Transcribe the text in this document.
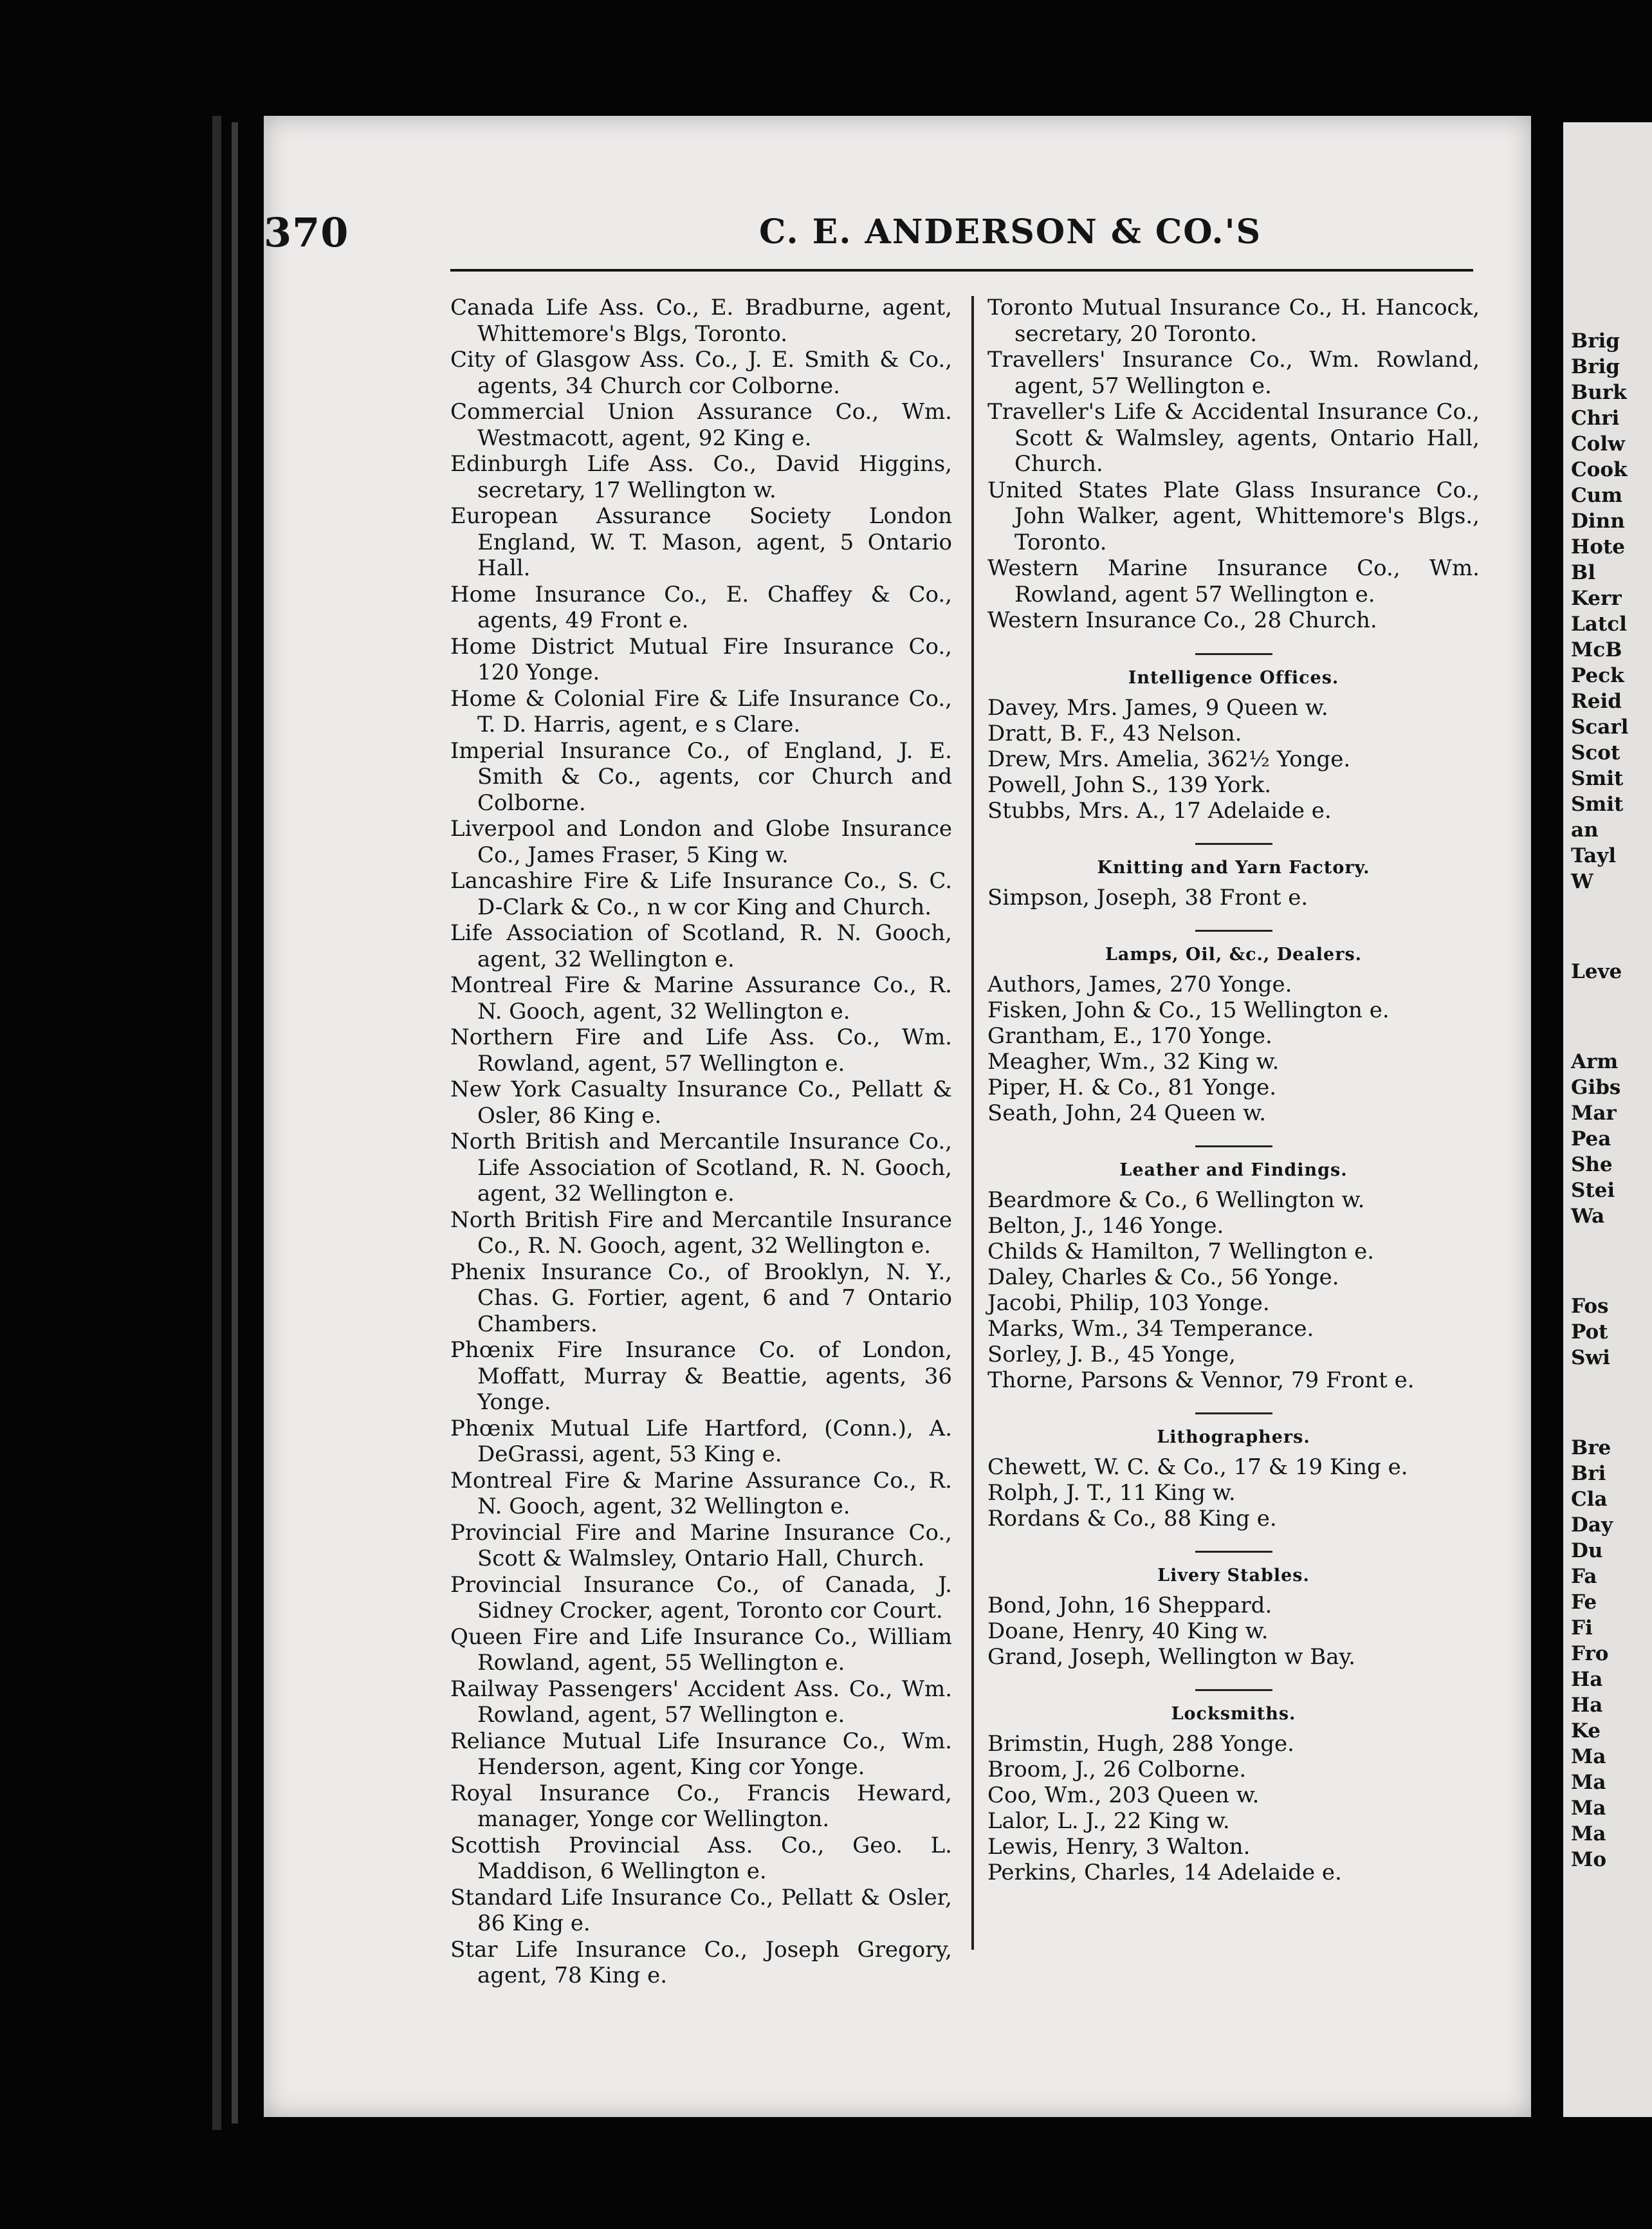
Brig
Brig
Burk
Chri
Colw
Cook
Cum
Dinn
Hote
Bl
Kerr
Latcl
McB
Peck
Reid
Scarl
Scot
Smit
Smit
an
Tayl
W
Leve
Arm
Gibs
Mar
Pea
She
Stei
Wa
Fos
Pot
Swi
Bre
Bri
Cla
Day
Du
Fa
Fe
Fi
Fro
Ha
Ha
Ke
Ma
Ma
Ma
Ma
Mo
370	C. E. ANDERSON & CO.'S

Canada Life Ass. Co., E. Bradburne, agent, Whittemore's Blgs, Toronto.

City of Glasgow Ass. Co., J. E. Smith & Co., agents, 34 Church cor Colborne.

Commercial Union Assurance Co., Wm. Westmacott, agent, 92 King e.

Edinburgh Life Ass. Co., David Higgins, secretary, 17 Wellington w.

European Assurance Society London England, W. T. Mason, agent, 5 Ontario Hall.

Home Insurance Co., E. Chaffey & Co., agents, 49 Front e.

Home District Mutual Fire Insurance Co., 120 Yonge.

Home & Colonial Fire & Life Insurance Co., T. D. Harris, agent, e s Clare.

Imperial Insurance Co., of England, J. E. Smith & Co., agents, cor Church and Colborne.

Liverpool and London and Globe Insurance Co., James Fraser, 5 King w.

Lancashire Fire & Life Insurance Co., S. C. D-Clark & Co., n w cor King and Church.

Life Association of Scotland, R. N. Gooch, agent, 32 Wellington e.

Montreal Fire & Marine Assurance Co., R. N. Gooch, agent, 32 Wellington e.

Northern Fire and Life Ass. Co., Wm. Rowland, agent, 57 Wellington e.

New York Casualty Insurance Co., Pellatt & Osler, 86 King e.

North British and Mercantile Insurance Co., Life Association of Scotland, R. N. Gooch, agent, 32 Wellington e.

North British Fire and Mercantile Insurance Co., R. N. Gooch, agent, 32 Wellington e.

Phenix Insurance Co., of Brooklyn, N. Y., Chas. G. Fortier, agent, 6 and 7 Ontario Chambers.

Phœnix Fire Insurance Co. of London, Moffatt, Murray & Beattie, agents, 36 Yonge.

Phœnix Mutual Life Hartford, (Conn.), A. DeGrassi, agent, 53 King e.

Montreal Fire & Marine Assurance Co., R. N. Gooch, agent, 32 Wellington e.

Provincial Fire and Marine Insurance Co., Scott & Walmsley, Ontario Hall, Church.

Provincial Insurance Co., of Canada, J. Sidney Crocker, agent, Toronto cor Court.

Queen Fire and Life Insurance Co., William Rowland, agent, 55 Wellington e.

Railway Passengers' Accident Ass. Co., Wm. Rowland, agent, 57 Wellington e.

Reliance Mutual Life Insurance Co., Wm. Henderson, agent, King cor Yonge.

Royal Insurance Co., Francis Heward, manager, Yonge cor Wellington.

Scottish Provincial Ass. Co., Geo. L. Maddison, 6 Wellington e.

Standard Life Insurance Co., Pellatt & Osler, 86 King e.

Star Life Insurance Co., Joseph Gregory, agent, 78 King e.

Toronto Mutual Insurance Co., H. Hancock, secretary, 20 Toronto.

Travellers' Insurance Co., Wm. Rowland, agent, 57 Wellington e.

Traveller's Life & Accidental Insurance Co., Scott & Walmsley, agents, Ontario Hall, Church.

United States Plate Glass Insurance Co., John Walker, agent, Whittemore's Blgs., Toronto.

Western Marine Insurance Co., Wm. Rowland, agent 57 Wellington e.

Western Insurance Co., 28 Church.

Intelligence Offices.

Davey, Mrs. James, 9 Queen w.

Dratt, B. F., 43 Nelson.

Drew, Mrs. Amelia, 362½ Yonge.

Powell, John S., 139 York.

Stubbs, Mrs. A., 17 Adelaide e.

Knitting and Yarn Factory.

Simpson, Joseph, 38 Front e.

Lamps, Oil, &c., Dealers.

Authors, James, 270 Yonge.

Fisken, John & Co., 15 Wellington e.

Grantham, E., 170 Yonge.

Meagher, Wm., 32 King w.

Piper, H. & Co., 81 Yonge.

Seath, John, 24 Queen w.

Leather and Findings.

Beardmore & Co., 6 Wellington w.

Belton, J., 146 Yonge.

Childs & Hamilton, 7 Wellington e.

Daley, Charles & Co., 56 Yonge.

Jacobi, Philip, 103 Yonge.

Marks, Wm., 34 Temperance.

Sorley, J. B., 45 Yonge,

Thorne, Parsons & Vennor, 79 Front e.

Lithographers.

Chewett, W. C. & Co., 17 & 19 King e.

Rolph, J. T., 11 King w.

Rordans & Co., 88 King e.

Livery Stables.

Bond, John, 16 Sheppard.

Doane, Henry, 40 King w.

Grand, Joseph, Wellington w Bay.

Locksmiths.

Brimstin, Hugh, 288 Yonge.

Broom, J., 26 Colborne.

Coo, Wm., 203 Queen w.

Lalor, L. J., 22 King w.

Lewis, Henry, 3 Walton.

Perkins, Charles, 14 Adelaide e.
